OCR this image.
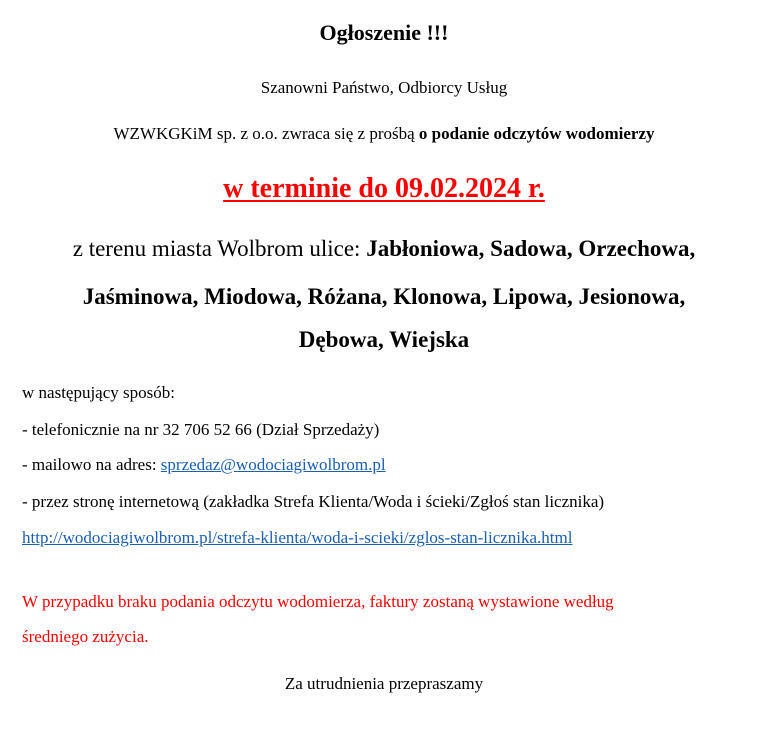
Ogłoszenie !!!
Szanowni Państwo, Odbiorcy Usług
WZWKGKiM sp. z o.o. zwraca się z prośbą o podanie odczytów wodomierzy
w terminie do 09.02.2024 r.
z terenu miasta Wolbrom ulice: Jabłoniowa, Sadowa, Orzechowa,
Jaśminowa, Miodowa, Różana, Klonowa, Lipowa, Jesionowa,
Dębowa, Wiejska
w następujący sposób:
- telefonicznie na nr 32 706 52 66 (Dział Sprzedaży)
- mailowo na adres: sprzedaz@wodociagiwolbrom.pl
- przez stronę internetową (zakładka Strefa Klienta/Woda i ścieki/Zgłoś stan licznika)
http://wodociagiwolbrom.pl/strefa-klienta/woda-i-scieki/zglos-stan-licznika.html
W przypadku braku podania odczytu wodomierza, faktury zostaną wystawione według
średniego zużycia.
Za utrudnienia przepraszamy
